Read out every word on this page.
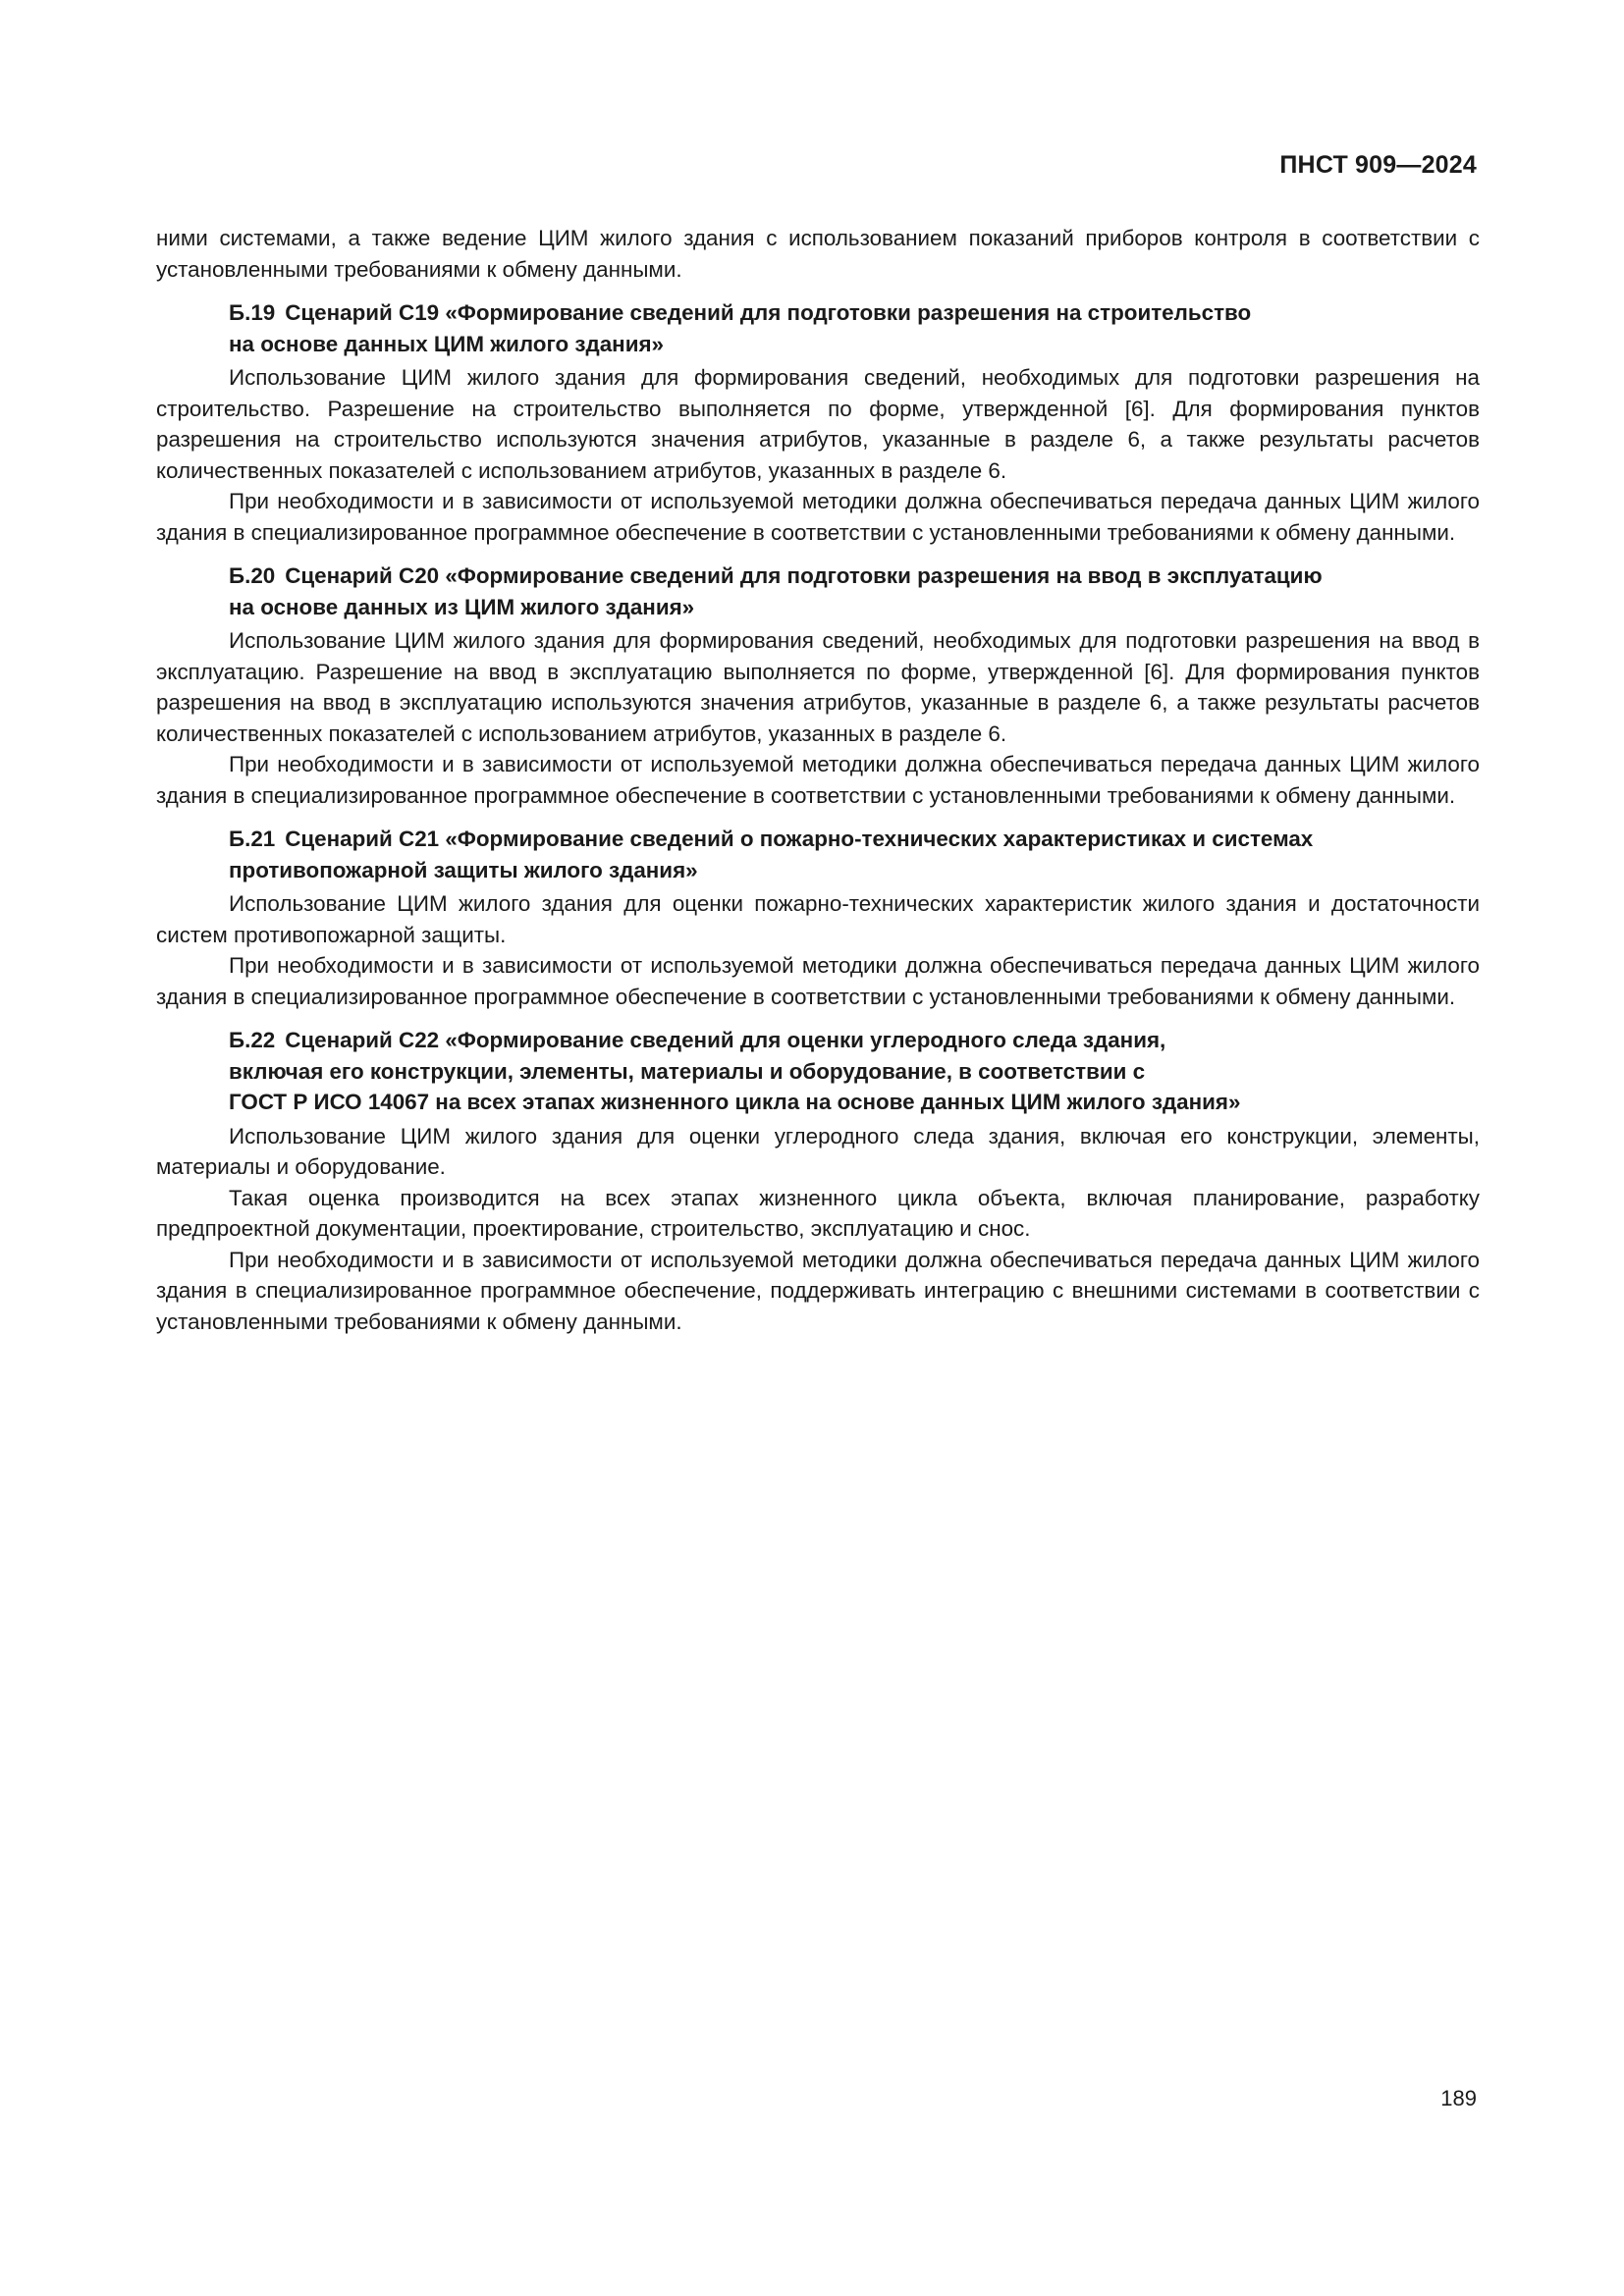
ПНСТ 909—2024

ними системами, а также ведение ЦИМ жилого здания с использованием показаний приборов контроля в соответствии с установленными требованиями к обмену данными.

Б.19 Сценарий С19 «Формирование сведений для подготовки разрешения на строительство
на основе данных ЦИМ жилого здания»

Использование ЦИМ жилого здания для формирования сведений, необходимых для подготовки разрешения на строительство. Разрешение на строительство выполняется по форме, утвержденной [6]. Для формирования пунктов разрешения на строительство используются значения атрибутов, указанные в разделе 6, а также результаты расчетов количественных показателей с использованием атрибутов, указанных в разделе 6.

При необходимости и в зависимости от используемой методики должна обеспечиваться передача данных ЦИМ жилого здания в специализированное программное обеспечение в соответствии с установленными требованиями к обмену данными.

Б.20 Сценарий С20 «Формирование сведений для подготовки разрешения на ввод в эксплуатацию
на основе данных из ЦИМ жилого здания»

Использование ЦИМ жилого здания для формирования сведений, необходимых для подготовки разрешения на ввод в эксплуатацию. Разрешение на ввод в эксплуатацию выполняется по форме, утвержденной [6]. Для формирования пунктов разрешения на ввод в эксплуатацию используются значения атрибутов, указанные в разделе 6, а также результаты расчетов количественных показателей с использованием атрибутов, указанных в разделе 6.

При необходимости и в зависимости от используемой методики должна обеспечиваться передача данных ЦИМ жилого здания в специализированное программное обеспечение в соответствии с установленными требованиями к обмену данными.

Б.21 Сценарий С21 «Формирование сведений о пожарно-технических характеристиках и системах
противопожарной защиты жилого здания»

Использование ЦИМ жилого здания для оценки пожарно-технических характеристик жилого здания и достаточности систем противопожарной защиты.

При необходимости и в зависимости от используемой методики должна обеспечиваться передача данных ЦИМ жилого здания в специализированное программное обеспечение в соответствии с установленными требованиями к обмену данными.

Б.22 Сценарий С22 «Формирование сведений для оценки углеродного следа здания,
включая его конструкции, элементы, материалы и оборудование, в соответствии с
ГОСТ Р ИСО 14067 на всех этапах жизненного цикла на основе данных ЦИМ жилого здания»

Использование ЦИМ жилого здания для оценки углеродного следа здания, включая его конструкции, элементы, материалы и оборудование.

Такая оценка производится на всех этапах жизненного цикла объекта, включая планирование, разработку предпроектной документации, проектирование, строительство, эксплуатацию и снос.

При необходимости и в зависимости от используемой методики должна обеспечиваться передача данных ЦИМ жилого здания в специализированное программное обеспечение, поддерживать интеграцию с внешними системами в соответствии с установленными требованиями к обмену данными.

189
